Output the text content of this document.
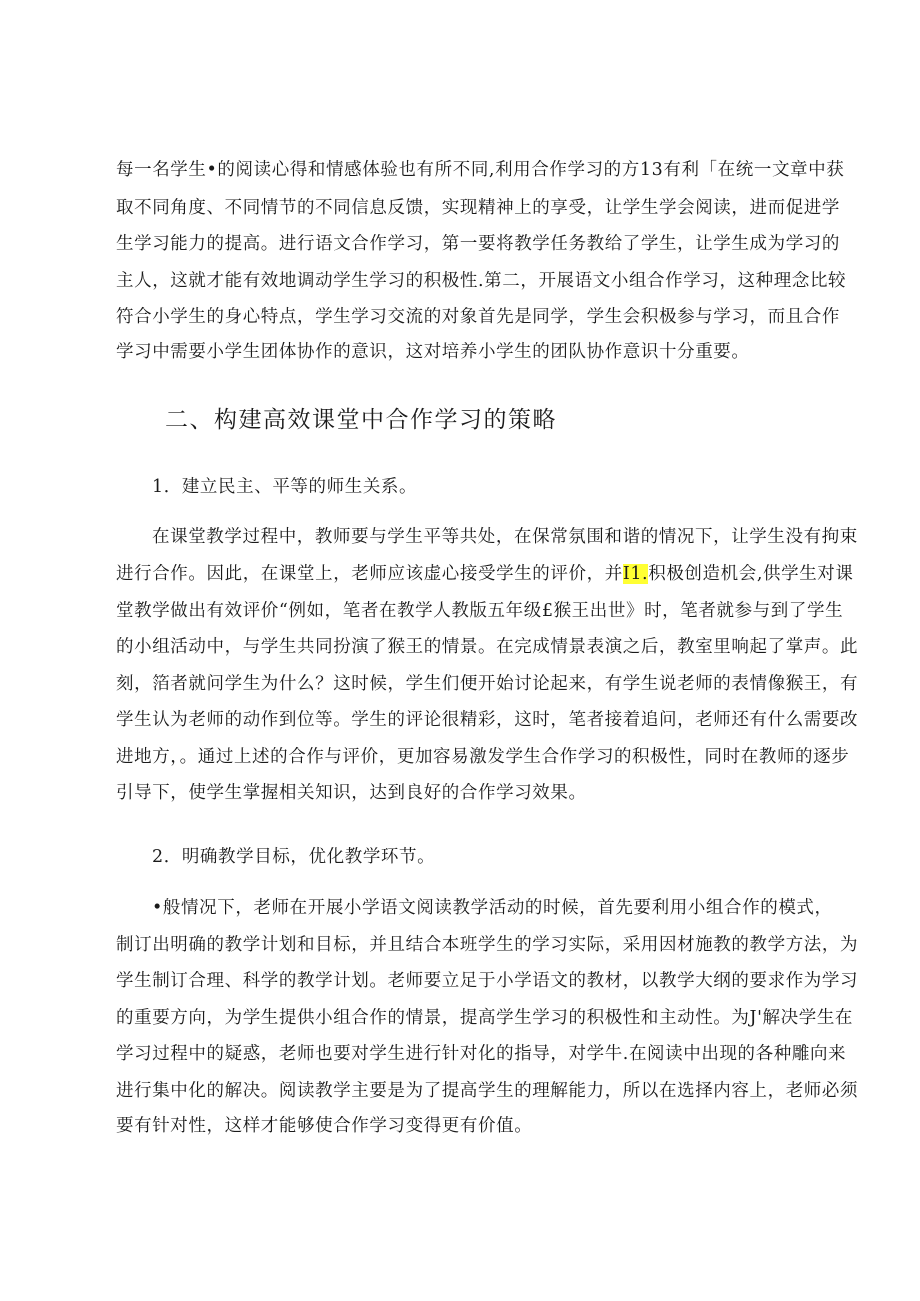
每一名学生•的阅读心得和情感体验也有所不同,利用合作学习的方13有利「在统一文章中获
取不同角度、不同情节的不同信息反馈，实现精神上的享受，让学生学会阅读，进而促进学
生学习能力的提高。进行语文合作学习，第一要将教学任务教给了学生，让学生成为学习的
主人，这就才能有效地调动学生学习的积极性.第二，开展语文小组合作学习，这种理念比较
符合小学生的身心特点，学生学习交流的对象首先是同学，学生会积极参与学习，而且合作
学习中需要小学生团体协作的意识，这对培养小学生的团队协作意识十分重要。
二、构建高效课堂中合作学习的策略
1．建立民主、平等的师生关系。
在课堂教学过程中，教师要与学生平等共处，在保常氛围和谐的情况下，让学生没有拘束
进行合作。因此，在课堂上，老师应该虚心接受学生的评价，并I1.积极创造机会,供学生对课
堂教学做出有效评价“例如，笔者在教学人教版五年级£猴王出世》时，笔者就参与到了学生
的小组活动中，与学生共同扮演了猴王的情景。在完成情景表演之后，教室里响起了掌声。此
刻，箔者就问学生为什么？这时候，学生们便开始讨论起来，有学生说老师的表情像猴王，有
学生认为老师的动作到位等。学生的评论很精彩，这时，笔者接着追问，老师还有什么需要改
进地方，。通过上述的合作与评价，更加容易激发学生合作学习的积极性，同时在教师的逐步
引导下，使学生掌握相关知识，达到良好的合作学习效果。
2．明确教学目标，优化教学环节。
•般情况下，老师在开展小学语文阅读教学活动的时候，首先要利用小组合作的模式，
制订出明确的教学计划和目标，并且结合本班学生的学习实际，采用因材施教的教学方法，为
学生制订合理、科学的教学计划。老师要立足于小学语文的教材，以教学大纲的要求作为学习
的重要方向，为学生提供小组合作的情景，提高学生学习的积极性和主动性。为J'解决学生在
学习过程中的疑惑，老师也要对学生进行针对化的指导，对学牛.在阅读中出现的各种雕向来
进行集中化的解决。阅读教学主要是为了提高学生的理解能力，所以在选择内容上，老师必须
要有针对性，这样才能够使合作学习变得更有价值。
